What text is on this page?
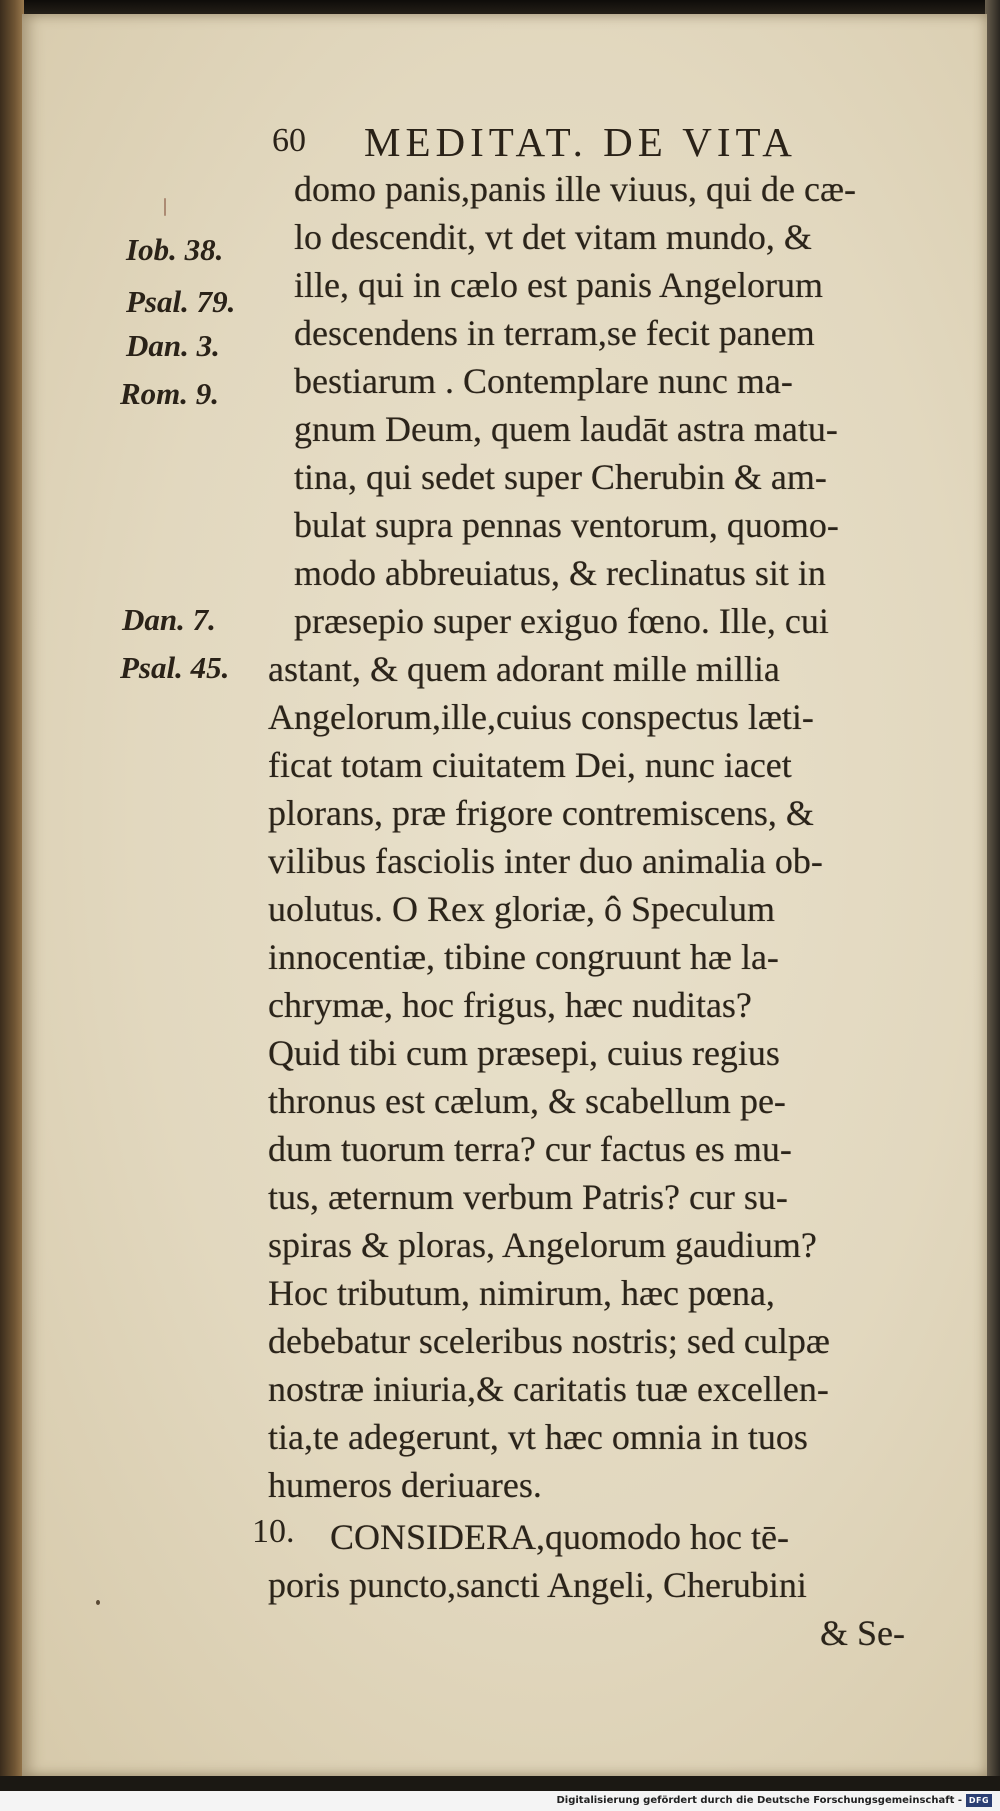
60 MEDITAT. DE VITA
Iob. 38.
Psal. 79.
Dan. 3.
Rom. 9.
Dan. 7.
Psal. 45.
domo panis,panis ille viuus, qui de cæ-
lo descendit, vt det vitam mundo, &
ille, qui in cælo est panis Angelorum
descendens in terram,se fecit panem
bestiarum . Contemplare nunc ma-
gnum Deum, quem laudāt astra matu-
tina, qui sedet super Cherubin & am-
bulat supra pennas ventorum, quomo-
modo abbreuiatus, & reclinatus sit in
præsepio super exiguo fœno. Ille, cui
astant, & quem adorant mille millia
Angelorum,ille,cuius conspectus læti-
ficat totam ciuitatem Dei, nunc iacet
plorans, præ frigore contremiscens, &
vilibus fasciolis inter duo animalia ob-
uolutus. O Rex gloriæ, ô Speculum
innocentiæ, tibine congruunt hæ la-
chrymæ, hoc frigus, hæc nuditas?
Quid tibi cum præsepi, cuius regius
thronus est cælum, & scabellum pe-
dum tuorum terra? cur factus es mu-
tus, æternum verbum Patris? cur su-
spiras & ploras, Angelorum gaudium?
Hoc tributum, nimirum, hæc pœna,
debebatur sceleribus nostris; sed culpæ
nostræ iniuria,& caritatis tuæ excellen-
tia,te adegerunt, vt hæc omnia in tuos
humeros deriuares.
CONSIDERA,quomodo hoc tē-
poris puncto,sancti Angeli, Cherubini
& Se-
10.
Digitalisierung gefördert durch die Deutsche Forschungsgemeinschaft - DFG
